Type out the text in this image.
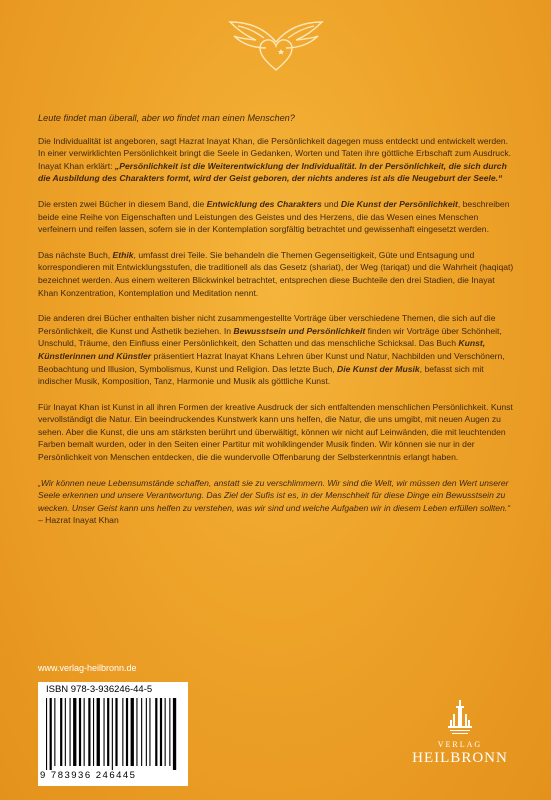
Leute findet man überall, aber wo findet man einen Menschen?

Die Individualität ist angeboren, sagt Hazrat Inayat Khan, die Persönlichkeit dagegen muss entdeckt und entwickelt werden. In einer verwirklichten Persönlichkeit bringt die Seele in Gedanken, Worten und Taten ihre göttliche Erbschaft zum Ausdruck. Inayat Khan erklärt: „Persönlichkeit ist die Weiterentwicklung der Individualität. In der Persönlichkeit, die sich durch die Ausbildung des Charakters formt, wird der Geist geboren, der nichts anderes ist als die Neugeburt der Seele.“

Die ersten zwei Bücher in diesem Band, die Entwicklung des Charakters und Die Kunst der Persönlichkeit, beschreiben beide eine Reihe von Eigenschaften und Leistungen des Geistes und des Herzens, die das Wesen eines Menschen verfeinern und reifen lassen, sofern sie in der Kontemplation sorgfältig betrachtet und gewissenhaft eingesetzt werden.

Das nächste Buch, Ethik, umfasst drei Teile. Sie behandeln die Themen Gegenseitigkeit, Güte und Entsagung und korrespondieren mit Entwicklungsstufen, die traditionell als das Gesetz (shariat), der Weg (tariqat) und die Wahrheit (haqiqat) bezeichnet werden. Aus einem weiteren Blickwinkel betrachtet, entsprechen diese Buchteile den drei Stadien, die Inayat Khan Konzentration, Kontemplation und Meditation nennt.

Die anderen drei Bücher enthalten bisher nicht zusammengestellte Vorträge über verschiedene Themen, die sich auf die Persönlichkeit, die Kunst und Ästhetik beziehen. In Bewusstsein und Persönlichkeit finden wir Vorträge über Schönheit, Unschuld, Träume, den Einfluss einer Persönlichkeit, den Schatten und das menschliche Schicksal. Das Buch Kunst, Künstlerinnen und Künstler präsentiert Hazrat Inayat Khans Lehren über Kunst und Natur, Nachbilden und Verschönern, Beobachtung und Illusion, Symbolismus, Kunst und Religion. Das letzte Buch, Die Kunst der Musik, befasst sich mit indischer Musik, Komposition, Tanz, Harmonie und Musik als göttliche Kunst.

Für Inayat Khan ist Kunst in all ihren Formen der kreative Ausdruck der sich entfaltenden menschlichen Persönlichkeit. Kunst vervollständigt die Natur. Ein beeindruckendes Kunstwerk kann uns helfen, die Natur, die uns umgibt, mit neuen Augen zu sehen. Aber die Kunst, die uns am stärksten berührt und überwältigt, können wir nicht auf Leinwänden, die mit leuchtenden Farben bemalt wurden, oder in den Seiten einer Partitur mit wohlklingender Musik finden. Wir können sie nur in der Persönlichkeit von Menschen entdecken, die die wundervolle Offenbarung der Selbsterkenntnis erlangt haben.

„Wir können neue Lebensumstände schaffen, anstatt sie zu verschlimmern. Wir sind die Welt, wir müssen den Wert unserer Seele erkennen und unsere Verantwortung. Das Ziel der Sufis ist es, in der Menschheit für diese Dinge ein Bewusstsein zu wecken. Unser Geist kann uns helfen zu verstehen, was wir sind und welche Aufgaben wir in diesem Leben erfüllen sollten.“ – Hazrat Inayat Khan

www.verlag-heilbronn.de
ISBN 978-3-936246-44-5
9 783936 246445
VERLAG
HEILBRONN
